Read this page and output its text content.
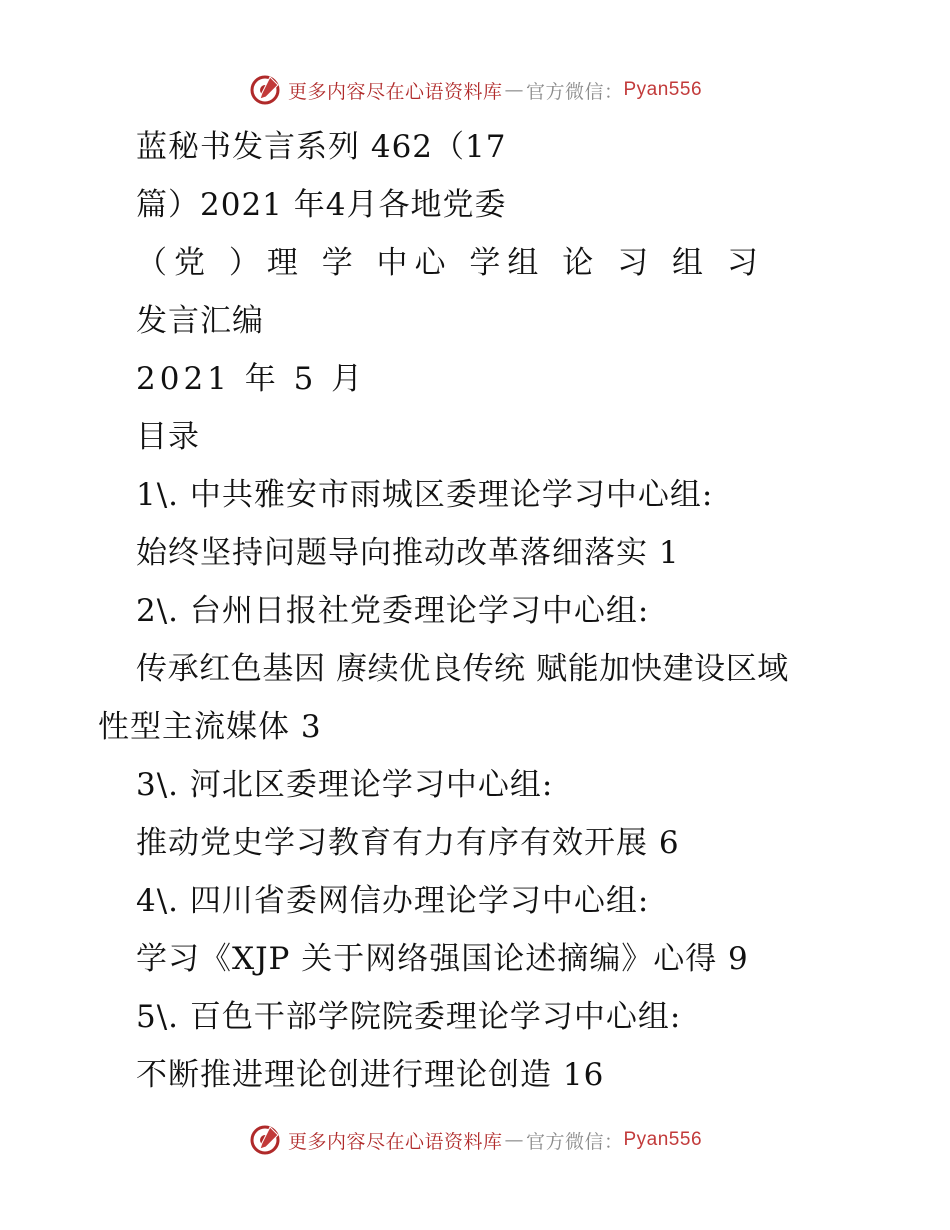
更多内容尽在心语资料库 — 官方微信： Pyan556
蓝秘书发言系列 462（17
篇）2021 年4月各地党委
（党 ）理 学 中心 学组 论 习 组 习
发言汇编
2021 年 5 月
目录
1\. 中共雅安市雨城区委理论学习中心组:
始终坚持问题导向推动改革落细落实 1
2\. 台州日报社党委理论学习中心组:
传承红色基因 赓续优良传统 赋能加快建设区域
性型主流媒体 3
3\. 河北区委理论学习中心组:
推动党史学习教育有力有序有效开展 6
4\. 四川省委网信办理论学习中心组:
学习《XJP 关于网络强国论述摘编》心得 9
5\. 百色干部学院院委理论学习中心组:
不断推进理论创进行理论创造 16
更多内容尽在心语资料库 — 官方微信： Pyan556
